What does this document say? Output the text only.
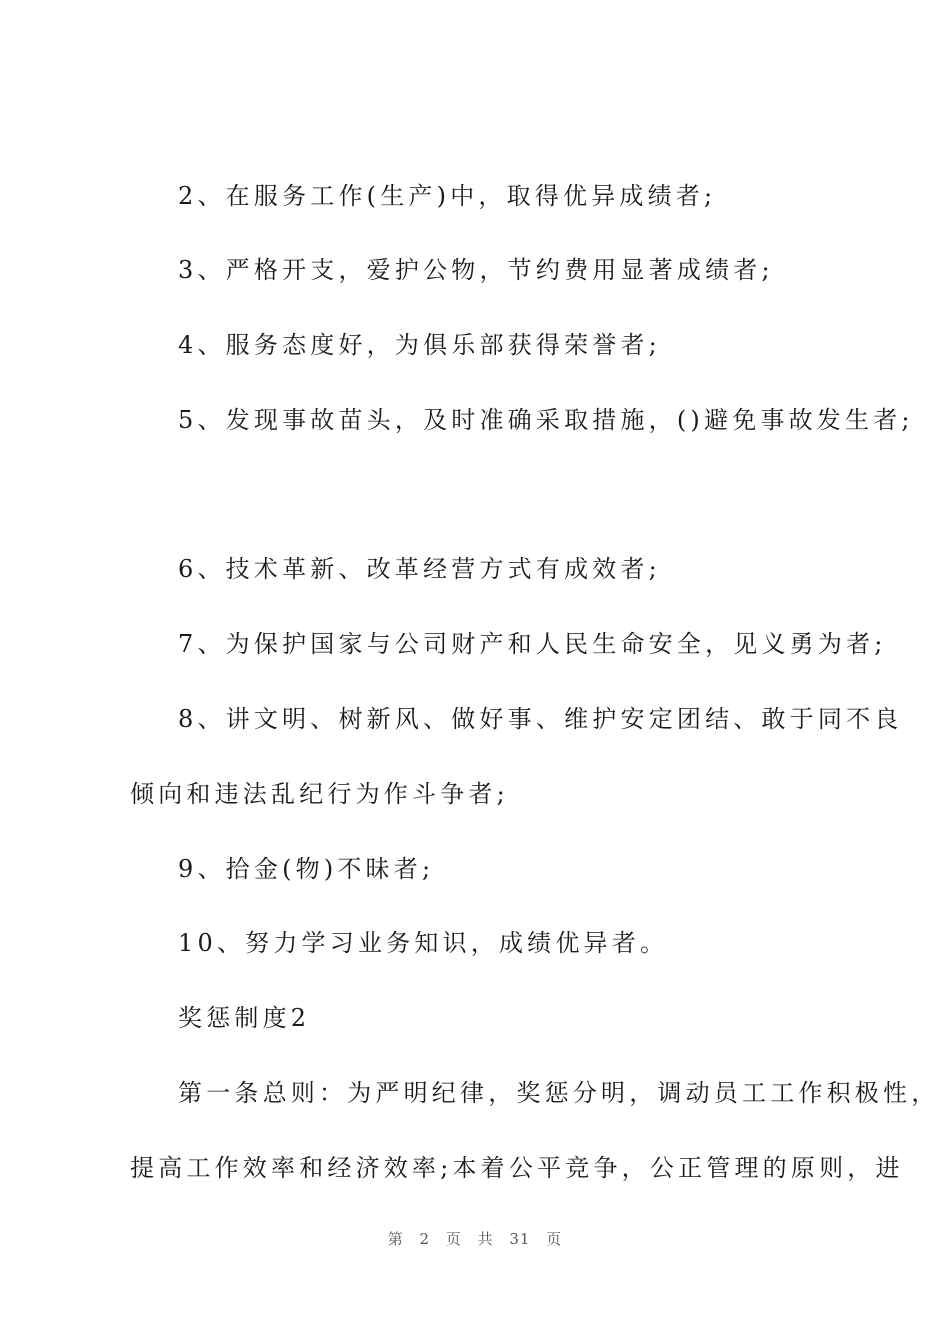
2、在服务工作(生产)中，取得优异成绩者;
3、严格开支，爱护公物，节约费用显著成绩者;
4、服务态度好，为俱乐部获得荣誉者;
5、发现事故苗头，及时准确采取措施，()避免事故发生者;
6、技术革新、改革经营方式有成效者;
7、为保护国家与公司财产和人民生命安全，见义勇为者;
8、讲文明、树新风、做好事、维护安定团结、敢于同不良
倾向和违法乱纪行为作斗争者;
9、拾金(物)不昧者;
10、努力学习业务知识，成绩优异者。
奖惩制度2
第一条总则：为严明纪律，奖惩分明，调动员工工作积极性，
提高工作效率和经济效率;本着公平竞争，公正管理的原则，进
第 2 页 共 31 页
